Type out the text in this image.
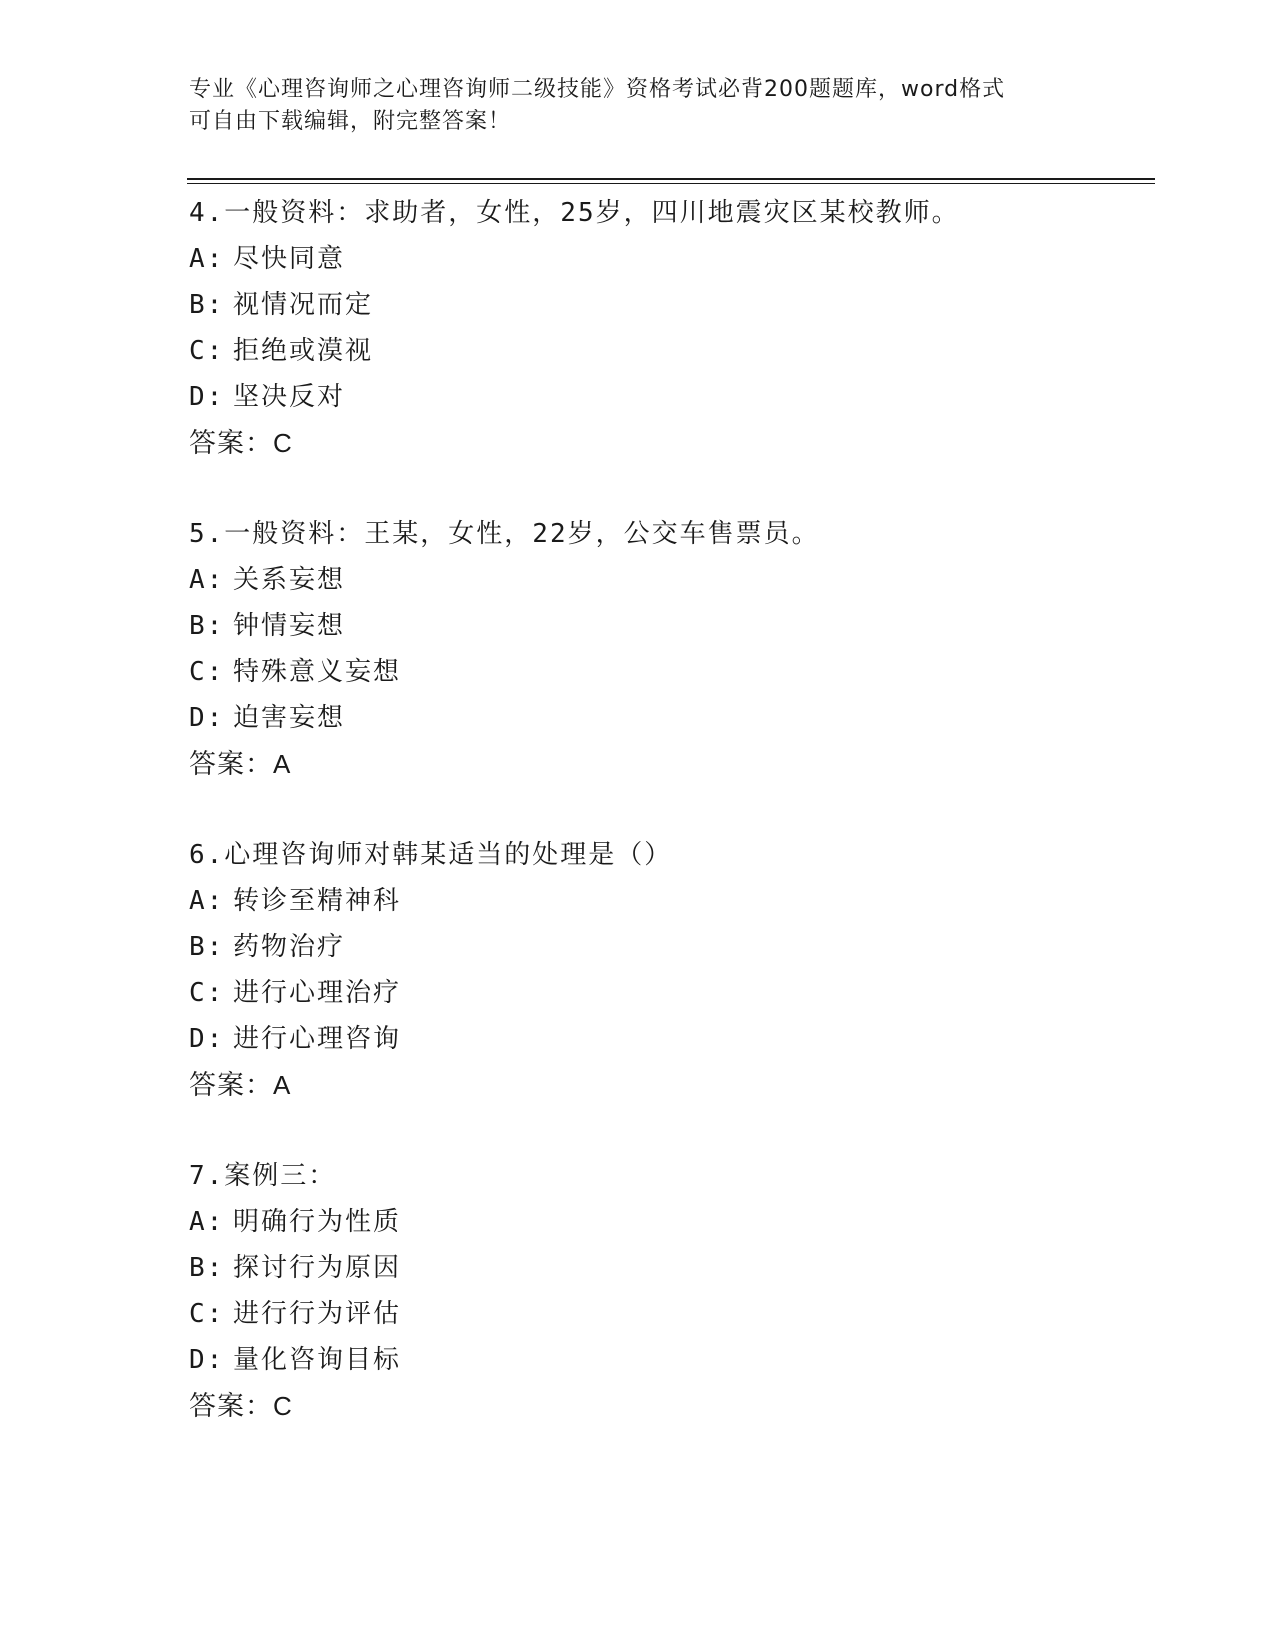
专业《心理咨询师之心理咨询师二级技能》资格考试必背200题题库，word格式
可自由下载编辑，附完整答案！
4.一般资料：求助者，女性，25岁，四川地震灾区某校教师。
A: 尽快同意
B: 视情况而定
C: 拒绝或漠视
D: 坚决反对
答案：C
5.一般资料：王某，女性，22岁，公交车售票员。
A: 关系妄想
B: 钟情妄想
C: 特殊意义妄想
D: 迫害妄想
答案：A
6.心理咨询师对韩某适当的处理是（）
A: 转诊至精神科
B: 药物治疗
C: 进行心理治疗
D: 进行心理咨询
答案：A
7.案例三：
A: 明确行为性质
B: 探讨行为原因
C: 进行行为评估
D: 量化咨询目标
答案：C
